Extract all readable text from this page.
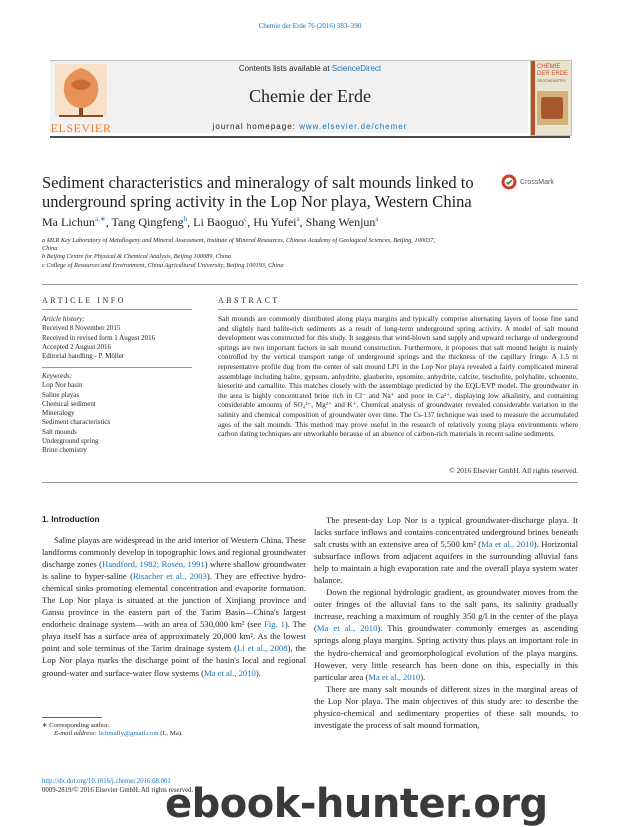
Chemie der Erde 76 (2016) 383–390
ELSEVIER
Contents lists available at ScienceDirect
Chemie der Erde
journal homepage: www.elsevier.de/chemer
CHEMIE
DER ERDE
GEOCHEMISTRY
Sediment characteristics and mineralogy of salt mounds linked to underground spring activity in the Lop Nor playa, Western China
CrossMark
Ma Lichun$^{a,∗}$, Tang Qingfeng$^b$, Li Baoguo$^c$, Hu Yufei$^a$, Shang Wenjun$^a$
a MLR Key Laboratory of Metallogeny and Mineral Assessment, Institute of Mineral Resources, Chinese Academy of Geological Sciences, Beijing, 100037,
China
b Beijing Centre for Physical & Chemical Analysis, Beijing 100089, China
c College of Resources and Environment, China Agricultural University, Beijing 100193, China
ARTICLE INFO
Article history:
Received 8 November 2015
Received in revised form 1 August 2016
Accepted 2 August 2016
Editorial handling - P. Möller
Keywords:
Lop Nor basin
Saline playas
Chemical sediment
Mineralogy
Sediment characteristics
Salt mounds
Underground spring
Brine chemistry
ABSTRACT
Salt mounds are commonly distributed along playa margins and typically comprise alternating layers of loose fine sand and slightly hard halite-rich sediments as a result of long-term underground spring activity. A model of salt mound development was constructed for this study. It suggests that wind-blown sand supply and upward recharge of underground springs are two important factors in salt mound construction. Furthermore, it proposes that salt mound height is mainly controlled by the vertical transport range of underground springs and the thickness of the capillary fringe. A 1.5 m representative profile dug from the center of salt mound LP1 in the Lop Nor playa revealed a fairly complicated mineral assemblage including halite, gypsum, anhydrite, glauberite, epsomite, anhydrite, calcite, bischofite, polyhalite, schoenite, kieserite and carnallite. This matches closely with the assemblage predicted by the EQL/EVP model. The groundwater in the area is highly concentrated brine rich in Cl⁻ and Na⁺ and poor in Ca²⁺, displaying low alkalinity, and containing considerable amounts of SO₄²⁻, Mg²⁺ and K⁺. Chemical analysis of groundwater revealed considerable variation in the salinity and chemical composition of groundwater over time. The Cs-137 technique was used to measure the accumulated ages of the salt mounds. This method may prove useful in the research of relatively young playa environments where carbon dating techniques are unworkable because of an absence of carbon-rich materials in recent saline sediments.
© 2016 Elsevier GmbH. All rights reserved.
1. Introduction

Saline playas are widespread in the arid interior of Western China. These landforms commonly develop in topographic lows and regional groundwater discharge zones (Handford, 1982; Rosen, 1991) where shallow groundwater is saline to hyper-saline (Risacher et al., 2003). They are effective hydro-chemical sinks promoting elemental concentration and evaporite formation. The Lop Nor playa is situated at the junction of Xinjiang province and Gansu province in the eastern part of the Tarim Basin—China's largest endorheic drainage system—with an area of 530,000 km² (see Fig. 1). The playa itself has a surface area of approximately 20,000 km². As the lowest point and sole terminus of the Tarim drainage system (Li et al., 2008), the Lop Nor playa marks the discharge point of the basin's local and regional ground-water and surface-water flow systems (Ma et al., 2010).

The present-day Lop Nor is a typical groundwater-discharge playa. It lacks surface inflows and contains concentrated underground brines beneath salt crusts with an extensive area of 5,500 km² (Ma et al., 2010). Horizontal subsurface inflows from adjacent aquifers in the surrounding alluvial fans help to maintain a high evaporation rate and the overall playa system water balance.

Down the regional hydrologic gradient, as groundwater moves from the outer fringes of the alluvial fans to the salt pans, its salinity gradually increase, reaching a maximum of roughly 350 g/l in the center of the playa (Ma et al., 2010). This groundwater commonly emerges as ascending springs along playa margins. Spring activity thus plays an important role in the hydro-chemical and geomorphological evolution of the playa margins. However, very little research has been done on this, especially in this particular area (Ma et al., 2010).

There are many salt mounds of different sizes in the marginal areas of the Lop Nor playa. The main objectives of this study are: to describe the physico-chemical and sedimentary properties of these salt mounds, to investigate the process of salt mound formation,

∗ Corresponding author.
E-mail address: lichmafly@gmail.com (L. Ma).
http://dx.doi.org/10.1016/j.chemer.2016.08.001
0009-2819/© 2016 Elsevier GmbH. All rights reserved.
ebook-hunter.org
